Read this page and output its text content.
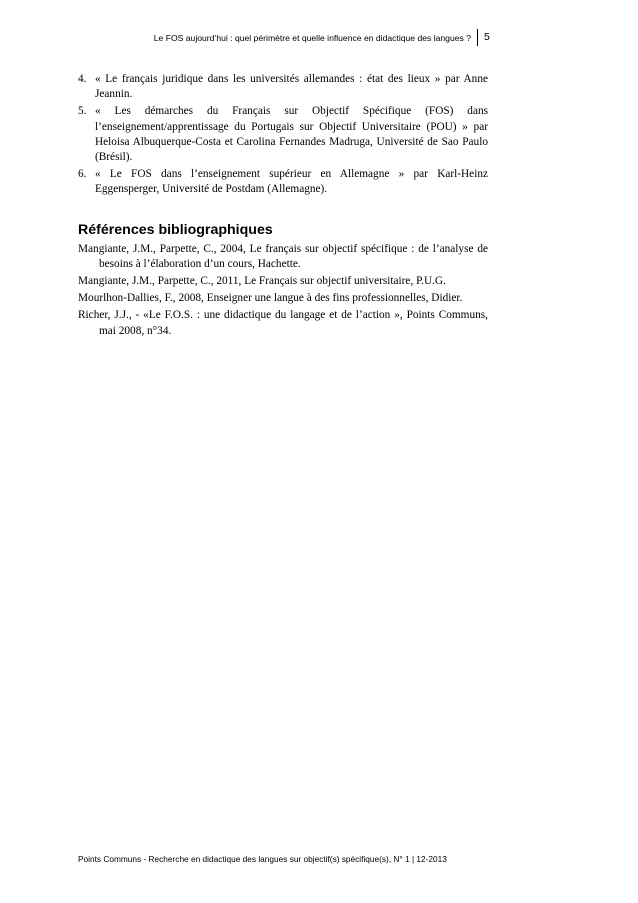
Le FOS aujourd’hui : quel périmètre et quelle influence en didactique des langues ? 5
4. « Le français juridique dans les universités allemandes : état des lieux » par Anne Jeannin.
5. « Les démarches du Français sur Objectif Spécifique (FOS) dans l’enseignement/apprentissage du Portugais sur Objectif Universitaire (POU) » par Heloisa Albuquerque-Costa et Carolina Fernandes Madruga, Université de Sao Paulo (Brésil).
6. « Le FOS dans l’enseignement supérieur en Allemagne » par Karl-Heinz Eggensperger, Université de Postdam (Allemagne).
Références bibliographiques
Mangiante, J.M., Parpette, C., 2004, Le français sur objectif spécifique : de l’analyse de besoins à l’élaboration d’un cours, Hachette.
Mangiante, J.M., Parpette, C., 2011, Le Français sur objectif universitaire, P.U.G.
Mourlhon-Dallies, F., 2008, Enseigner une langue à des fins professionnelles, Didier.
Richer, J.J., - «Le F.O.S. : une didactique du langage et de l’action », Points Communs, mai 2008, n°34.
Points Communs - Recherche en didactique des langues sur objectif(s) spécifique(s), N° 1 | 12-2013
